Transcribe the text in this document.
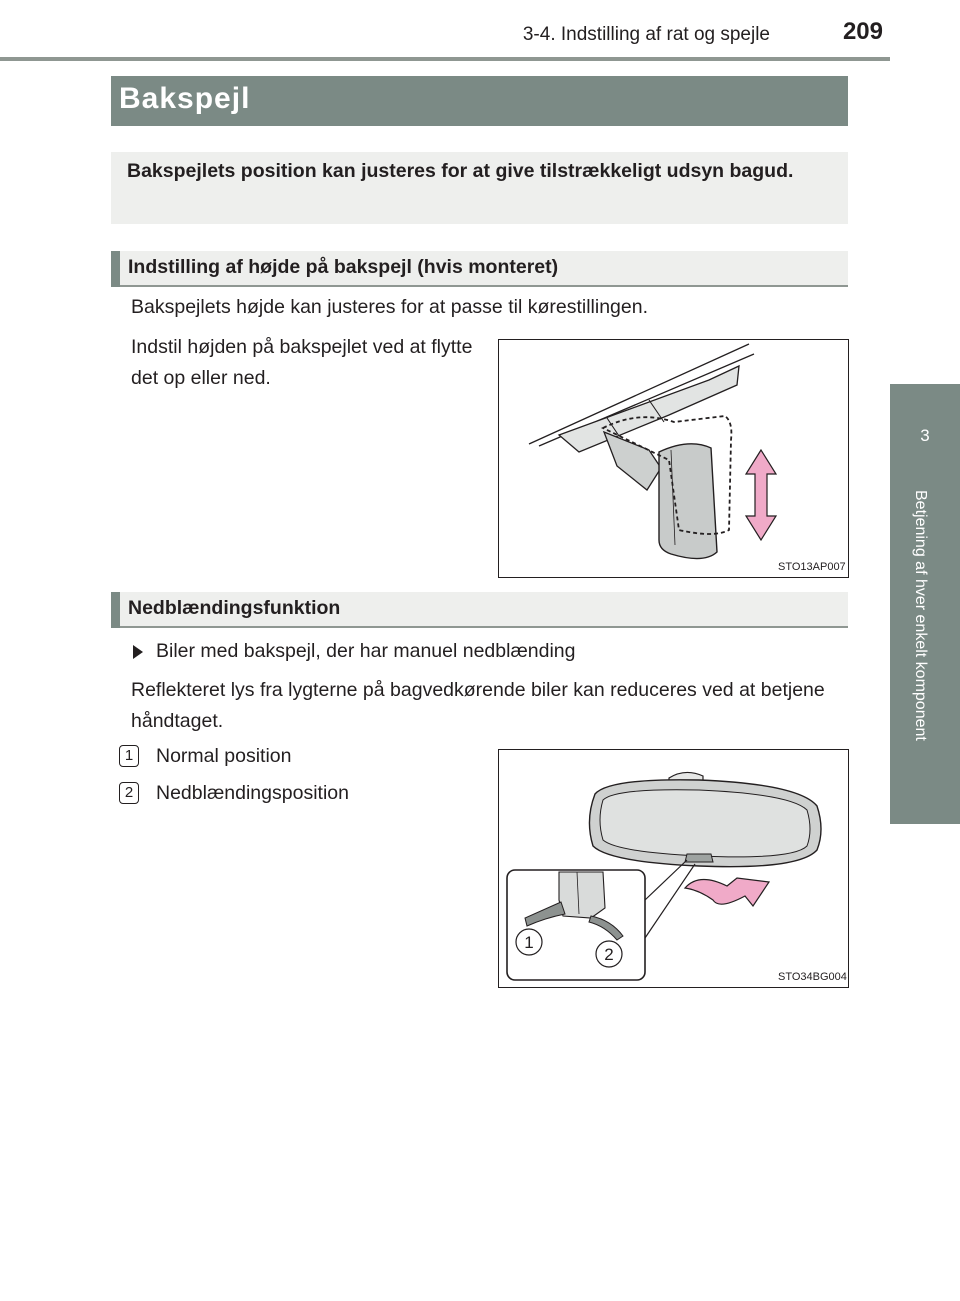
3-4. Indstilling af rat og spejle	209
3
Betjening af hver enkelt komponent
Bakspejl
Bakspejlets position kan justeres for at give tilstrækkeligt udsyn bagud.
Indstilling af højde på bakspejl (hvis monteret)
Bakspejlets højde kan justeres for at passe til kørestillingen.
Indstil højden på bakspejlet ved at flytte det op eller ned.
STO13AP007
Nedblændingsfunktion
Biler med bakspejl, der har manuel nedblænding
Reflekteret lys fra lygterne på bagvedkørende biler kan reduceres ved at betjene håndtaget.
1 Normal position
2 Nedblændingsposition
1
2
STO34BG004
